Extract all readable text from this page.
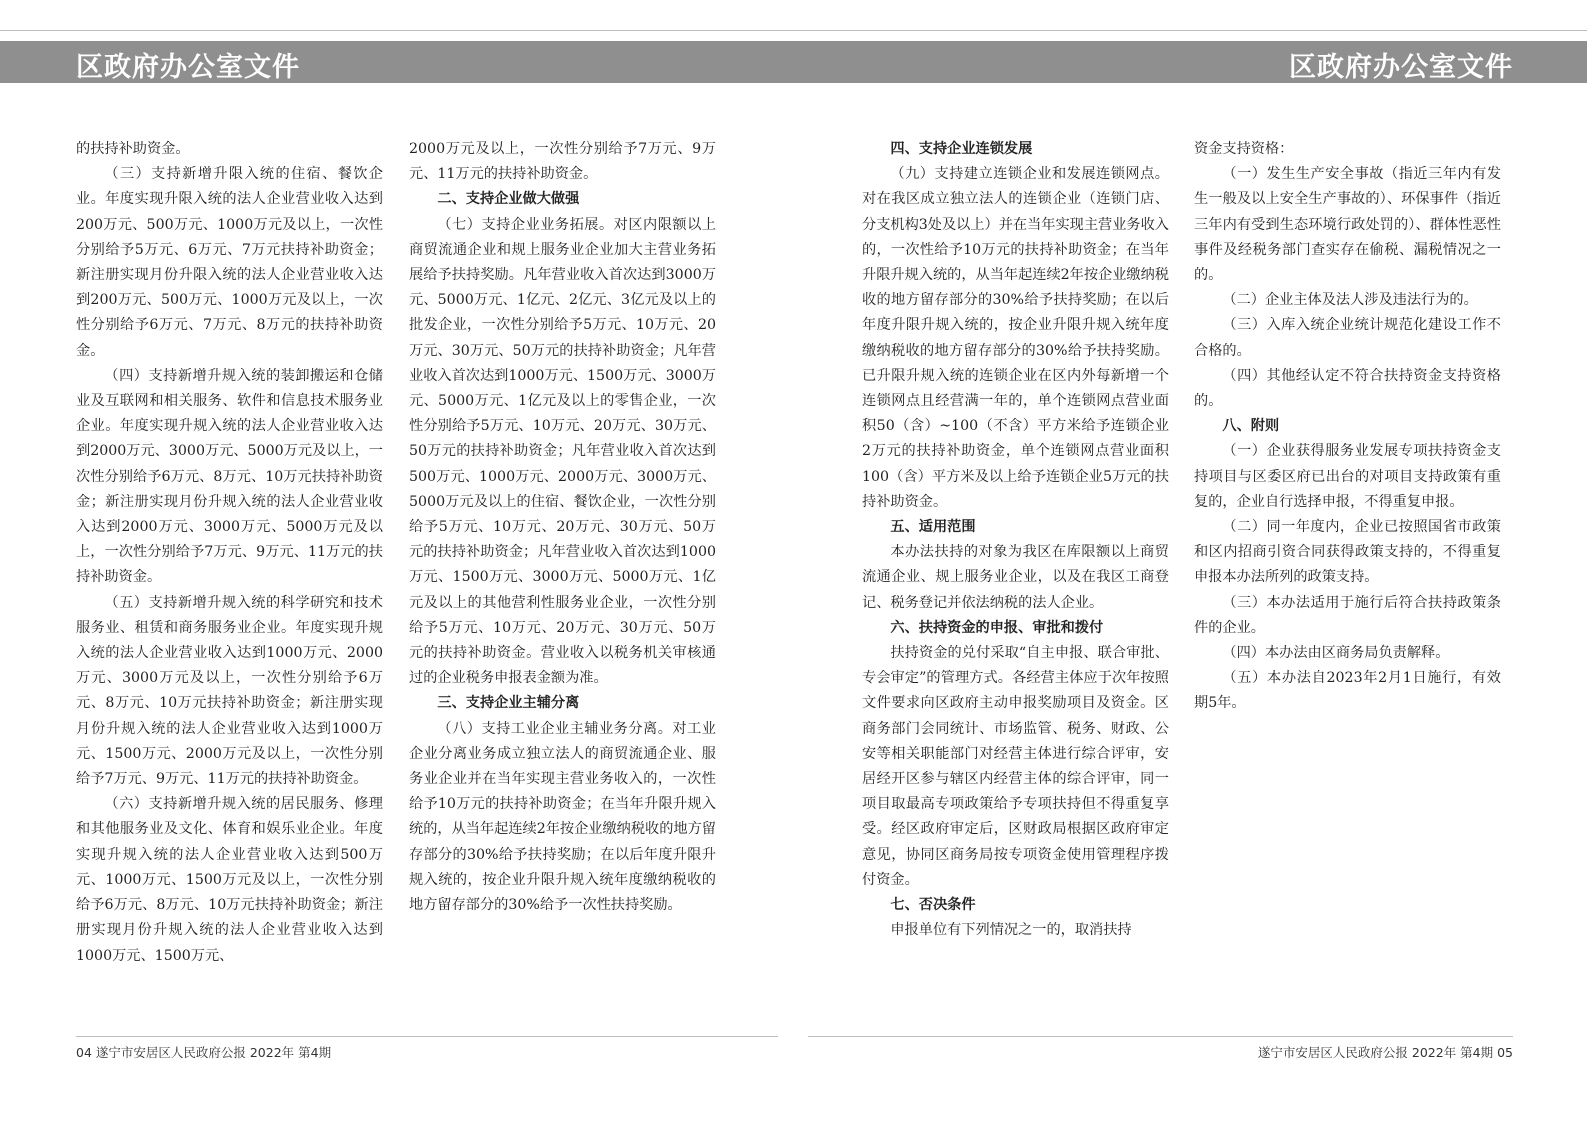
区政府办公室文件	区政府办公室文件

的扶持补助资金。

（三）支持新增升限入统的住宿、餐饮企业。年度实现升限入统的法人企业营业收入达到200万元、500万元、1000万元及以上，一次性分别给予5万元、6万元、7万元扶持补助资金；新注册实现月份升限入统的法人企业营业收入达到200万元、500万元、1000万元及以上，一次性分别给予6万元、7万元、8万元的扶持补助资金。

（四）支持新增升规入统的装卸搬运和仓储业及互联网和相关服务、软件和信息技术服务业企业。年度实现升规入统的法人企业营业收入达到2000万元、3000万元、5000万元及以上，一次性分别给予6万元、8万元、10万元扶持补助资金；新注册实现月份升规入统的法人企业营业收入达到2000万元、3000万元、5000万元及以上，一次性分别给予7万元、9万元、11万元的扶持补助资金。

（五）支持新增升规入统的科学研究和技术服务业、租赁和商务服务业企业。年度实现升规入统的法人企业营业收入达到1000万元、2000万元、3000万元及以上，一次性分别给予6万元、8万元、10万元扶持补助资金；新注册实现月份升规入统的法人企业营业收入达到1000万元、1500万元、2000万元及以上，一次性分别给予7万元、9万元、11万元的扶持补助资金。

（六）支持新增升规入统的居民服务、修理和其他服务业及文化、体育和娱乐业企业。年度实现升规入统的法人企业营业收入达到500万元、1000万元、1500万元及以上，一次性分别给予6万元、8万元、10万元扶持补助资金；新注册实现月份升规入统的法人企业营业收入达到1000万元、1500万元、

2000万元及以上，一次性分别给予7万元、9万元、11万元的扶持补助资金。

二、支持企业做大做强

（七）支持企业业务拓展。对区内限额以上商贸流通企业和规上服务业企业加大主营业务拓展给予扶持奖励。凡年营业收入首次达到3000万元、5000万元、1亿元、2亿元、3亿元及以上的批发企业，一次性分别给予5万元、10万元、20万元、30万元、50万元的扶持补助资金；凡年营业收入首次达到1000万元、1500万元、3000万元、5000万元、1亿元及以上的零售企业，一次性分别给予5万元、10万元、20万元、30万元、50万元的扶持补助资金；凡年营业收入首次达到500万元、1000万元、2000万元、3000万元、5000万元及以上的住宿、餐饮企业，一次性分别给予5万元、10万元、20万元、30万元、50万元的扶持补助资金；凡年营业收入首次达到1000万元、1500万元、3000万元、5000万元、1亿元及以上的其他营利性服务业企业，一次性分别给予5万元、10万元、20万元、30万元、50万元的扶持补助资金。营业收入以税务机关审核通过的企业税务申报表金额为准。

三、支持企业主辅分离

（八）支持工业企业主辅业务分离。对工业企业分离业务成立独立法人的商贸流通企业、服务业企业并在当年实现主营业务收入的，一次性给予10万元的扶持补助资金；在当年升限升规入统的，从当年起连续2年按企业缴纳税收的地方留存部分的30%给予扶持奖励；在以后年度升限升规入统的，按企业升限升规入统年度缴纳税收的地方留存部分的30%给予一次性扶持奖励。

四、支持企业连锁发展

（九）支持建立连锁企业和发展连锁网点。对在我区成立独立法人的连锁企业（连锁门店、分支机构3处及以上）并在当年实现主营业务收入的，一次性给予10万元的扶持补助资金；在当年升限升规入统的，从当年起连续2年按企业缴纳税收的地方留存部分的30%给予扶持奖励；在以后年度升限升规入统的，按企业升限升规入统年度缴纳税收的地方留存部分的30%给予扶持奖励。已升限升规入统的连锁企业在区内外每新增一个连锁网点且经营满一年的，单个连锁网点营业面积50（含）~100（不含）平方米给予连锁企业2万元的扶持补助资金，单个连锁网点营业面积100（含）平方米及以上给予连锁企业5万元的扶持补助资金。

五、适用范围

本办法扶持的对象为我区在库限额以上商贸流通企业、规上服务业企业，以及在我区工商登记、税务登记并依法纳税的法人企业。

六、扶持资金的申报、审批和拨付

扶持资金的兑付采取“自主申报、联合审批、专会审定”的管理方式。各经营主体应于次年按照文件要求向区政府主动申报奖励项目及资金。区商务部门会同统计、市场监管、税务、财政、公安等相关职能部门对经营主体进行综合评审，安居经开区参与辖区内经营主体的综合评审，同一项目取最高专项政策给予专项扶持但不得重复享受。经区政府审定后，区财政局根据区政府审定意见，协同区商务局按专项资金使用管理程序拨付资金。

七、否决条件

申报单位有下列情况之一的，取消扶持

资金支持资格：

（一）发生生产安全事故（指近三年内有发生一般及以上安全生产事故的）、环保事件（指近三年内有受到生态环境行政处罚的）、群体性恶性事件及经税务部门查实存在偷税、漏税情况之一的。

（二）企业主体及法人涉及违法行为的。

（三）入库入统企业统计规范化建设工作不合格的。

（四）其他经认定不符合扶持资金支持资格的。

八、附则

（一）企业获得服务业发展专项扶持资金支持项目与区委区府已出台的对项目支持政策有重复的，企业自行选择申报，不得重复申报。

（二）同一年度内，企业已按照国省市政策和区内招商引资合同获得政策支持的，不得重复申报本办法所列的政策支持。

（三）本办法适用于施行后符合扶持政策条件的企业。

（四）本办法由区商务局负责解释。

（五）本办法自2023年2月1日施行，有效期5年。

04 遂宁市安居区人民政府公报 2022年 第4期	遂宁市安居区人民政府公报 2022年 第4期 05
